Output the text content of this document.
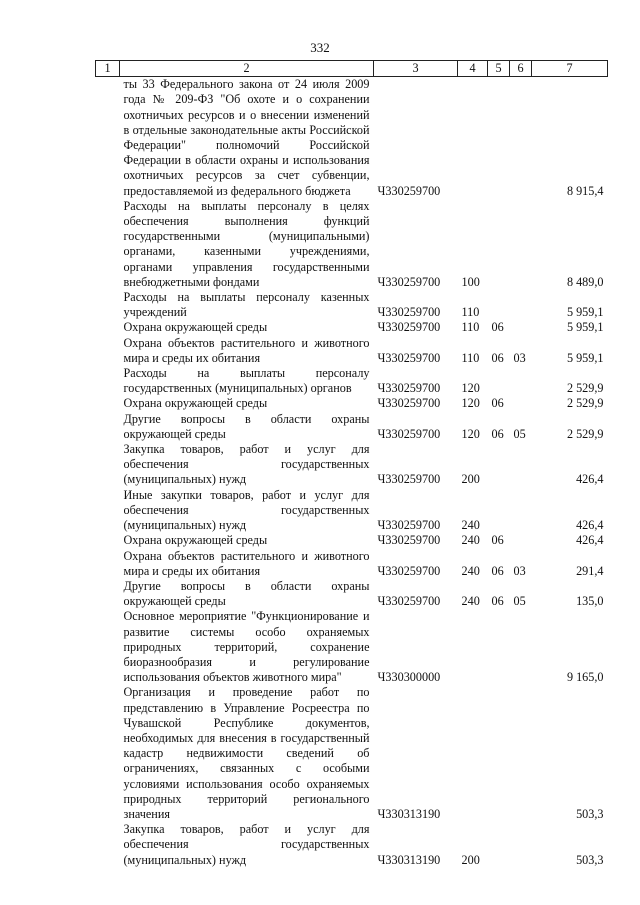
332
1	2	3	4	5	6	7
	ты 33 Федерального закона от 24 июля 2009 года № 209-ФЗ "Об охоте и о сохранении охотничьих ресурсов и о внесении изменений в отдельные законодательные акты Российской Федерации" полномочий Российской Федерации в области охраны и использования охотничьих ресурсов за счет субвенции, предоставляемой из федерального бюджета	Ч330259700				8 915,4
	Расходы на выплаты персоналу в целях обеспечения выполнения функций государственными (муниципальными) органами, казенными учреждениями, органами управления государственными внебюджетными фондами	Ч330259700	100			8 489,0
	Расходы на выплаты персоналу казенных учреждений	Ч330259700	110			5 959,1
	Охрана окружающей среды	Ч330259700	110	06		5 959,1
	Охрана объектов растительного и животного мира и среды их обитания	Ч330259700	110	06	03	5 959,1
	Расходы на выплаты персоналу государственных (муниципальных) органов	Ч330259700	120			2 529,9
	Охрана окружающей среды	Ч330259700	120	06		2 529,9
	Другие вопросы в области охраны окружающей среды	Ч330259700	120	06	05	2 529,9
	Закупка товаров, работ и услуг для обеспечения государственных (муниципальных) нужд	Ч330259700	200			426,4
	Иные закупки товаров, работ и услуг для обеспечения государственных (муниципальных) нужд	Ч330259700	240			426,4
	Охрана окружающей среды	Ч330259700	240	06		426,4
	Охрана объектов растительного и животного мира и среды их обитания	Ч330259700	240	06	03	291,4
	Другие вопросы в области охраны окружающей среды	Ч330259700	240	06	05	135,0
	Основное мероприятие "Функционирование и развитие системы особо охраняемых природных территорий, сохранение биоразнообразия и регулирование использования объектов животного мира"	Ч330300000				9 165,0
	Организация и проведение работ по представлению в Управление Росреестра по Чувашской Республике документов, необходимых для внесения в государственный кадастр недвижимости сведений об ограничениях, связанных с особыми условиями использования особо охраняемых природных территорий регионального значения	Ч330313190				503,3
	Закупка товаров, работ и услуг для обеспечения государственных (муниципальных) нужд	Ч330313190	200			503,3
